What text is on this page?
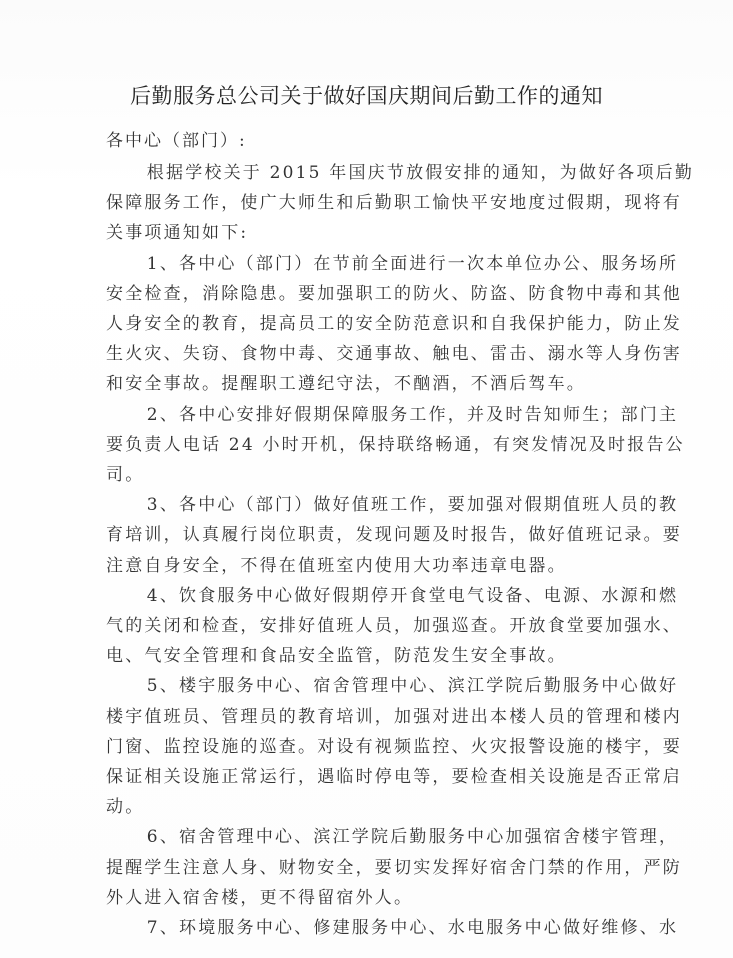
后勤服务总公司关于做好国庆期间后勤工作的通知
各中心（部门）:

根据学校关于 2015 年国庆节放假安排的通知，为做好各项后勤
保障服务工作，使广大师生和后勤职工愉快平安地度过假期，现将有
关事项通知如下:

1、各中心（部门）在节前全面进行一次本单位办公、服务场所
安全检查，消除隐患。要加强职工的防火、防盗、防食物中毒和其他
人身安全的教育，提高员工的安全防范意识和自我保护能力，防止发
生火灾、失窃、食物中毒、交通事故、触电、雷击、溺水等人身伤害
和安全事故。提醒职工遵纪守法，不酗酒，不酒后驾车。

2、各中心安排好假期保障服务工作，并及时告知师生；部门主
要负责人电话 24 小时开机，保持联络畅通，有突发情况及时报告公
司。

3、各中心（部门）做好值班工作，要加强对假期值班人员的教
育培训，认真履行岗位职责，发现问题及时报告，做好值班记录。要
注意自身安全，不得在值班室内使用大功率违章电器。

4、饮食服务中心做好假期停开食堂电气设备、电源、水源和燃
气的关闭和检查，安排好值班人员，加强巡查。开放食堂要加强水、
电、气安全管理和食品安全监管，防范发生安全事故。

5、楼宇服务中心、宿舍管理中心、滨江学院后勤服务中心做好
楼宇值班员、管理员的教育培训，加强对进出本楼人员的管理和楼内
门窗、监控设施的巡查。对设有视频监控、火灾报警设施的楼宇，要
保证相关设施正常运行，遇临时停电等，要检查相关设施是否正常启
动。

6、宿舍管理中心、滨江学院后勤服务中心加强宿舍楼宇管理，
提醒学生注意人身、财物安全，要切实发挥好宿舍门禁的作用，严防
外人进入宿舍楼，更不得留宿外人。

7、环境服务中心、修建服务中心、水电服务中心做好维修、水
